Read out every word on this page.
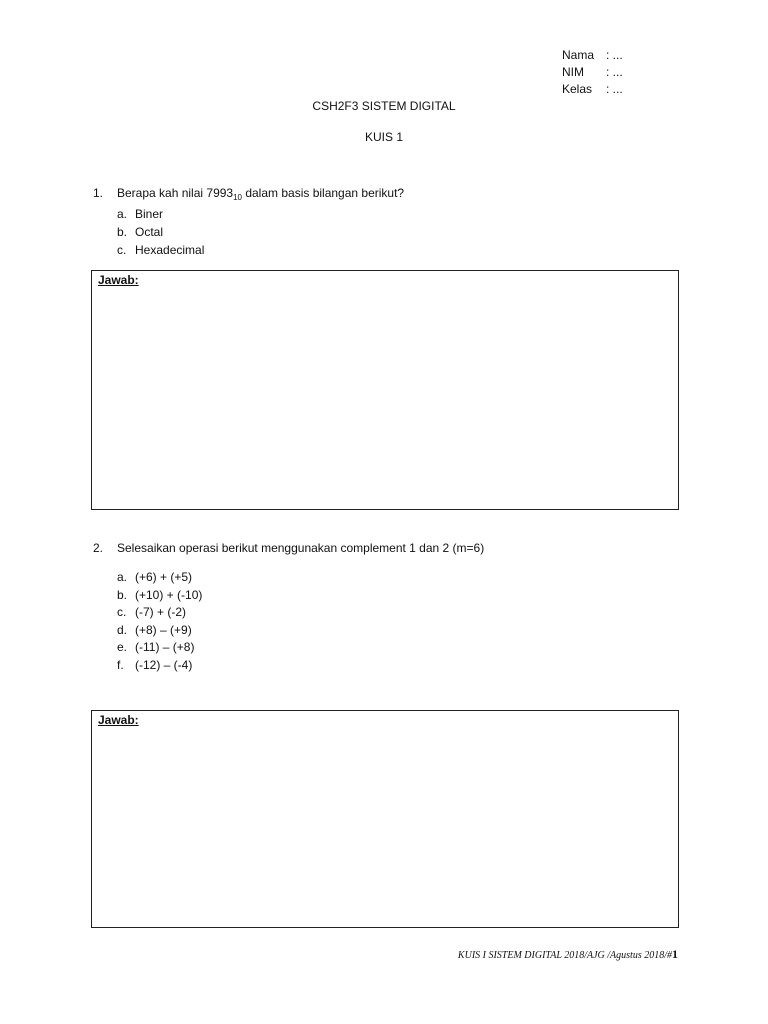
Nama : ...
NIM	: ...
Kelas	: ...
CSH2F3 SISTEM DIGITAL
KUIS 1
1. Berapa kah nilai $7993_{10}$ dalam basis bilangan berikut?
a. Biner
b. Octal
c. Hexadecimal
Jawab:
2. Selesaikan operasi berikut menggunakan complement 1 dan 2 (m=6)
a. (+6) + (+5)
b. (+10) + (-10)
c. (-7) + (-2)
d. (+8) – (+9)
e. (-11) – (+8)
f. (-12) – (-4)
Jawab:
KUIS I SISTEM DIGITAL 2018/AJG /Agustus 2018/#1
